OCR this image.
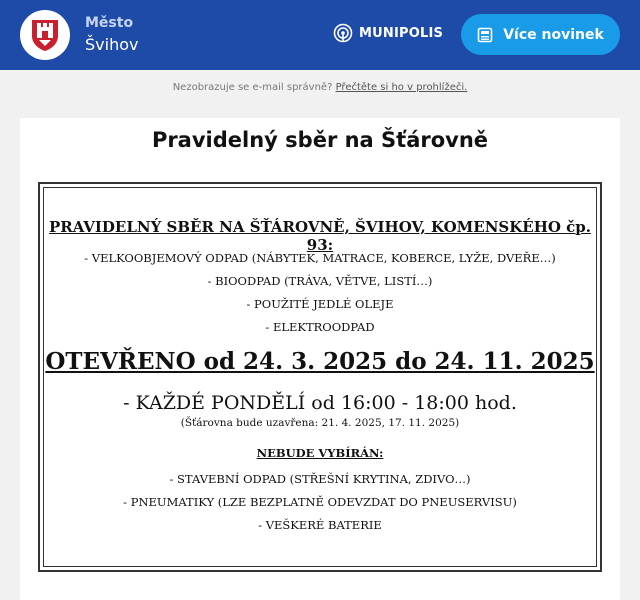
Město
Švihov
MUNIPOLIS	Více novinek
Nezobrazuje se e-mail správně? Přečtěte si ho v prohlížeči.
Pravidelný sběr na Šťárovně
PRAVIDELNÝ SBĚR NA ŠŤÁROVNĚ, ŠVIHOV, KOMENSKÉHO čp. 93:
- VELKOOBJEMOVÝ ODPAD (NÁBYTEK, MATRACE, KOBERCE, LYŽE, DVEŘE…)
- BIOODPAD (TRÁVA, VĚTVE, LISTÍ…)
- POUŽITÉ JEDLÉ OLEJE
- ELEKTROODPAD
OTEVŘENO od 24. 3. 2025 do 24. 11. 2025
- KAŽDÉ PONDĚLÍ od 16:00 - 18:00 hod.
(Šťárovna bude uzavřena: 21. 4. 2025, 17. 11. 2025)
NEBUDE VYBÍRÁN:
- STAVEBNÍ ODPAD (STŘEŠNÍ KRYTINA, ZDIVO…)
- PNEUMATIKY (LZE BEZPLATNĚ ODEVZDAT DO PNEUSERVISU)
- VEŠKERÉ BATERIE
